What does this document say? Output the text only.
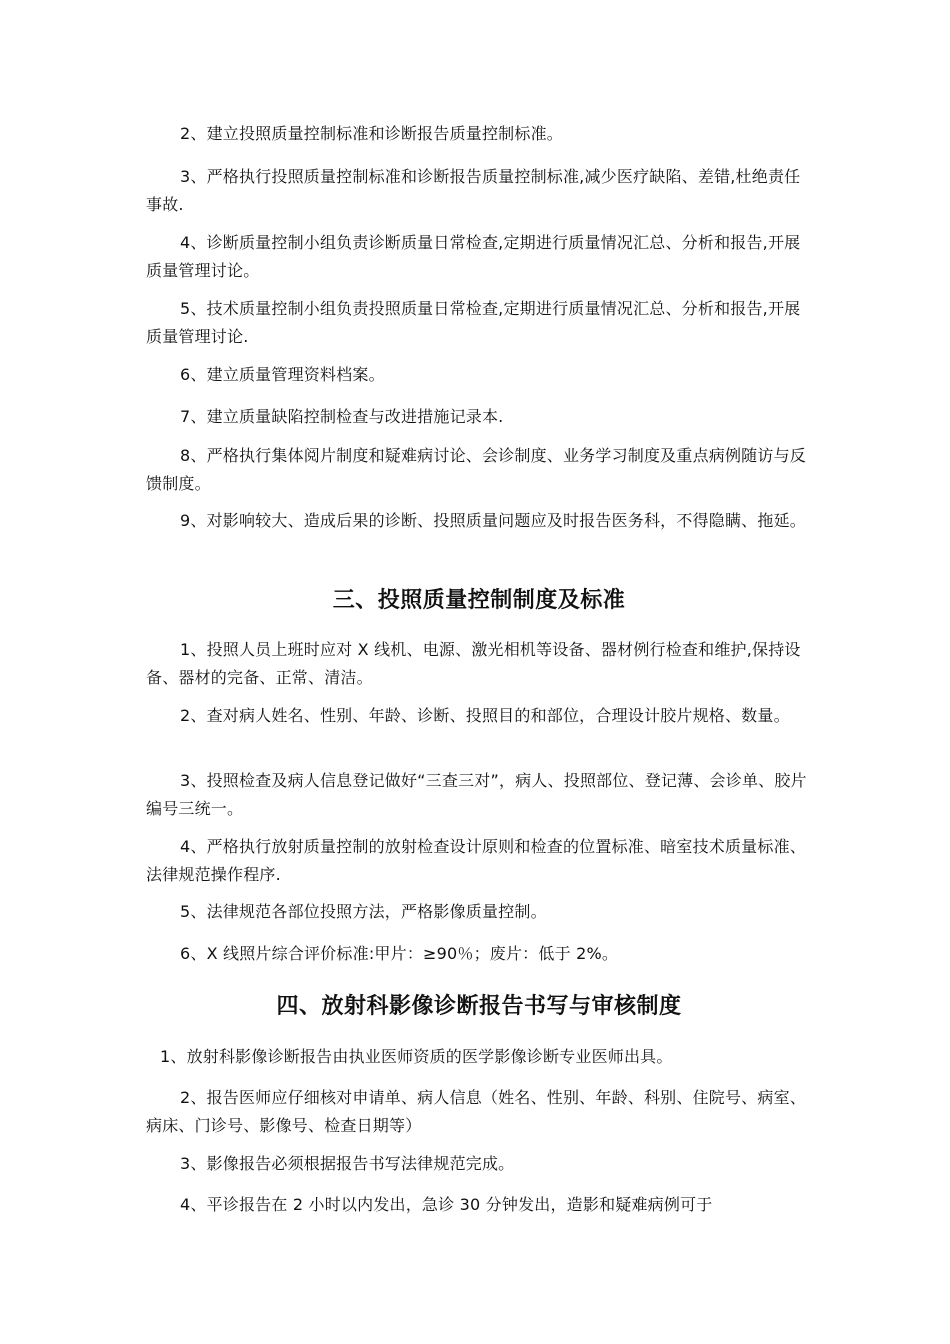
2、建立投照质量控制标准和诊断报告质量控制标准。

3、严格执行投照质量控制标准和诊断报告质量控制标准,减少医疗缺陷、差错,杜绝责任事故.

4、诊断质量控制小组负责诊断质量日常检查,定期进行质量情况汇总、分析和报告,开展质量管理讨论。

5、技术质量控制小组负责投照质量日常检查,定期进行质量情况汇总、分析和报告,开展质量管理讨论.

6、建立质量管理资料档案。

7、建立质量缺陷控制检查与改进措施记录本.

8、严格执行集体阅片制度和疑难病讨论、会诊制度、业务学习制度及重点病例随访与反馈制度。

9、对影响较大、造成后果的诊断、投照质量问题应及时报告医务科，不得隐瞒、拖延。

三、投照质量控制制度及标准

1、投照人员上班时应对 X 线机、电源、激光相机等设备、器材例行检查和维护,保持设备、器材的完备、正常、清洁。

2、查对病人姓名、性别、年龄、诊断、投照目的和部位，合理设计胶片规格、数量。

3、投照检查及病人信息登记做好“三查三对”，病人、投照部位、登记薄、会诊单、胶片编号三统一。

4、严格执行放射质量控制的放射检查设计原则和检查的位置标准、暗室技术质量标准、法律规范操作程序.

5、法律规范各部位投照方法，严格影像质量控制。

6、X 线照片综合评价标准:甲片：≥90％；废片：低于 2%。

四、放射科影像诊断报告书写与审核制度

1、放射科影像诊断报告由执业医师资质的医学影像诊断专业医师出具。

2、报告医师应仔细核对申请单、病人信息（姓名、性别、年龄、科别、住院号、病室、病床、门诊号、影像号、检查日期等）

3、影像报告必须根据报告书写法律规范完成。

4、平诊报告在 2 小时以内发出，急诊 30 分钟发出，造影和疑难病例可于
